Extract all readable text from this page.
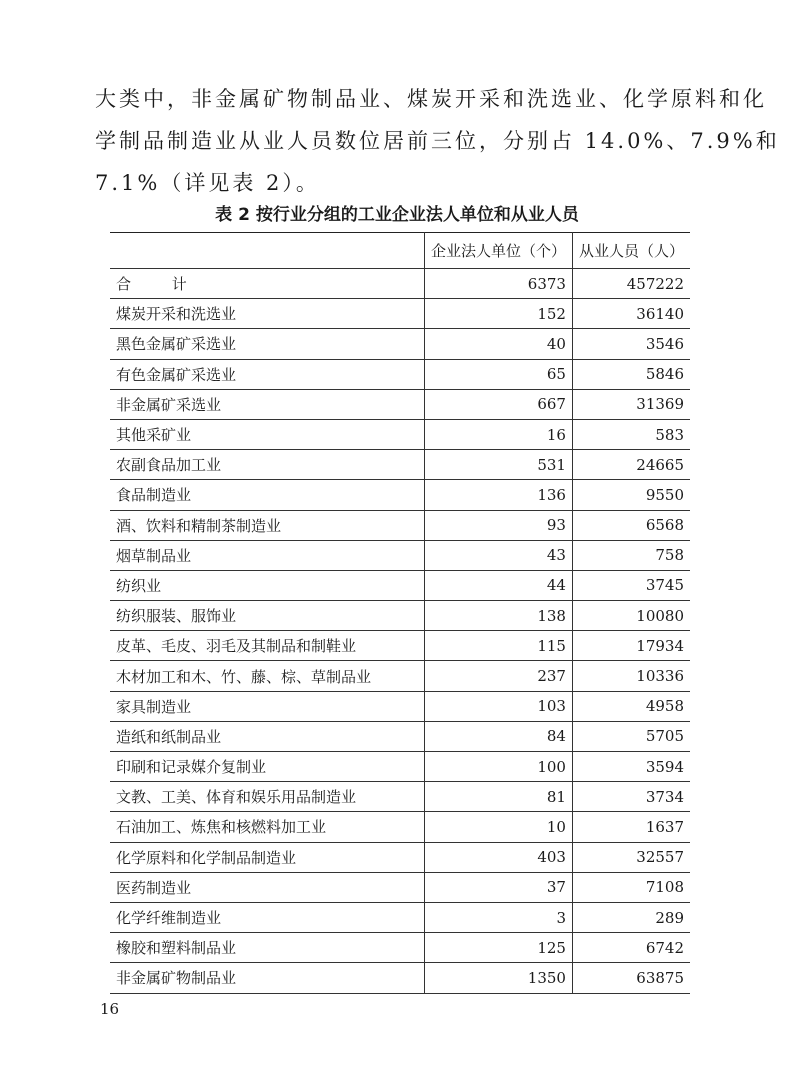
大类中，非金属矿物制品业、煤炭开采和洗选业、化学原料和化
学制品制造业从业人员数位居前三位，分别占 14.0%、7.9%和
7.1%（详见表 2）。

表 2 按行业分组的工业企业法人单位和从业人员

	企业法人单位（个）	从业人员（人）
合 计	6373	457222
煤炭开采和洗选业	152	36140
黑色金属矿采选业	40	3546
有色金属矿采选业	65	5846
非金属矿采选业	667	31369
其他采矿业	16	583
农副食品加工业	531	24665
食品制造业	136	9550
酒、饮料和精制茶制造业	93	6568
烟草制品业	43	758
纺织业	44	3745
纺织服装、服饰业	138	10080
皮革、毛皮、羽毛及其制品和制鞋业	115	17934
木材加工和木、竹、藤、棕、草制品业	237	10336
家具制造业	103	4958
造纸和纸制品业	84	5705
印刷和记录媒介复制业	100	3594
文教、工美、体育和娱乐用品制造业	81	3734
石油加工、炼焦和核燃料加工业	10	1637
化学原料和化学制品制造业	403	32557
医药制造业	37	7108
化学纤维制造业	3	289
橡胶和塑料制品业	125	6742
非金属矿物制品业	1350	63875

16
